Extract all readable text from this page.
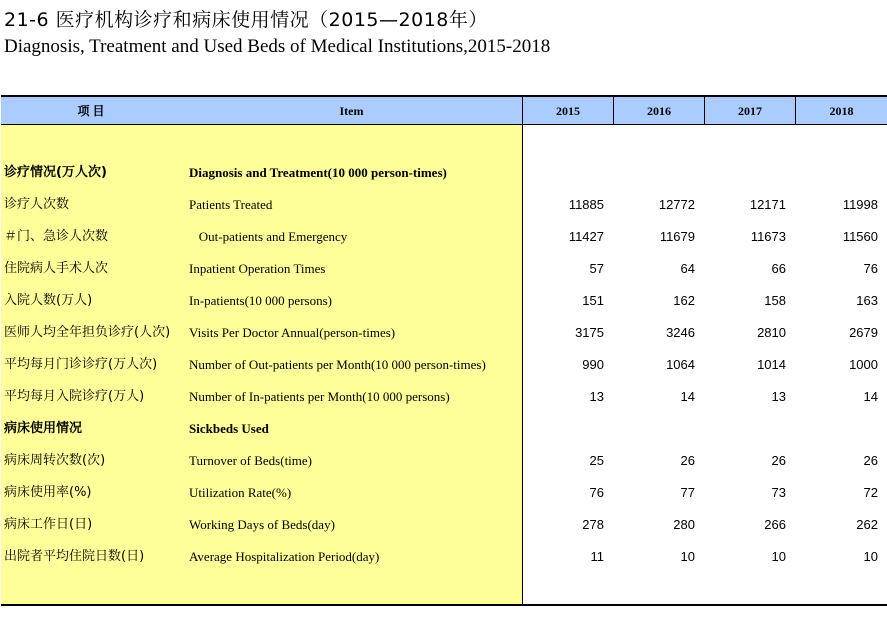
21-6 医疗机构诊疗和病床使用情况（2015—2018年）
Diagnosis, Treatment and Used Beds of Medical Institutions,2015-2018
项 目	Item	2015	2016	2017	2018
诊疗情况(万人次)	Diagnosis and Treatment(10 000 person-times)
诊疗人次数	Patients Treated	11885	12772	12171	11998
＃门、急诊人次数	Out-patients and Emergency	11427	11679	11673	11560
住院病人手术人次	Inpatient Operation Times	57	64	66	76
入院人数(万人)	In-patients(10 000 persons)	151	162	158	163
医师人均全年担负诊疗(人次) Visits Per Doctor Annual(person-times)	3175	3246	2810	2679
平均每月门诊诊疗(万人次) Number of Out-patients per Month(10 000 person-times)	990	1064	1014	1000
平均每月入院诊疗(万人)	Number of In-patients per Month(10 000 persons)	13	14	13	14
病床使用情况	Sickbeds Used
病床周转次数(次)	Turnover of Beds(time)	25	26	26	26
病床使用率(%)	Utilization Rate(%)	76	77	73	72
病床工作日(日)	Working Days of Beds(day)	278	280	266	262
出院者平均住院日数(日)	Average Hospitalization Period(day)	11	10	10	10
